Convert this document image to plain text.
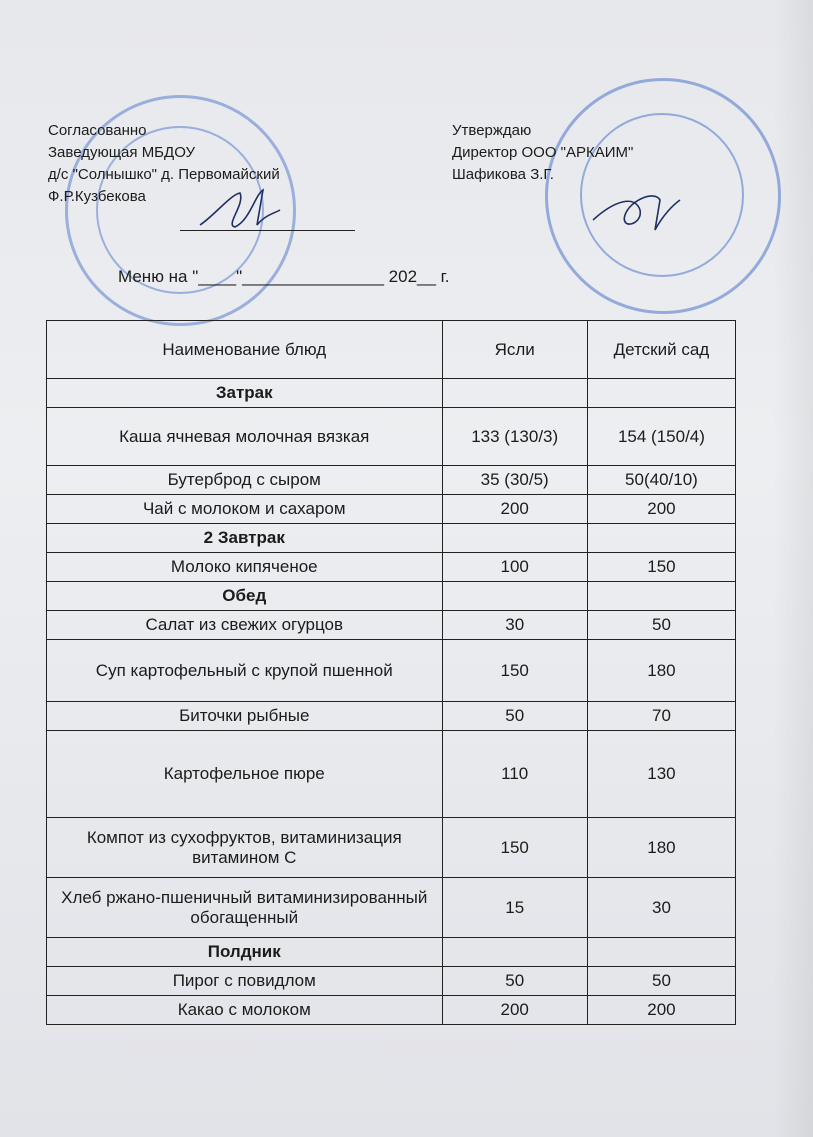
Согласованно
Заведующая МБДОУ
д/с "Солнышко" д. Первомайский
Ф.Р.Кузбекова
Утверждаю
Директор ООО "АРКАИМ"
Шафикова З.Г.
Меню на "____"_______________ 202__ г.
Наименование блюд	Ясли	Детский сад
Затрак		
Каша ячневая молочная вязкая	133 (130/3)	154 (150/4)
Бутерброд с сыром	35 (30/5)	50(40/10)
Чай с молоком и сахаром	200	200
2 Завтрак		
Молоко кипяченое	100	150
Обед		
Салат из свежих огурцов	30	50
Суп картофельный с крупой пшенной	150	180
Биточки рыбные	50	70
Картофельное пюре	110	130
Компот из сухофруктов, витаминизация витамином С	150	180
Хлеб ржано-пшеничный витаминизированный обогащенный	15	30
Полдник		
Пирог с повидлом	50	50
Какао с молоком	200	200
